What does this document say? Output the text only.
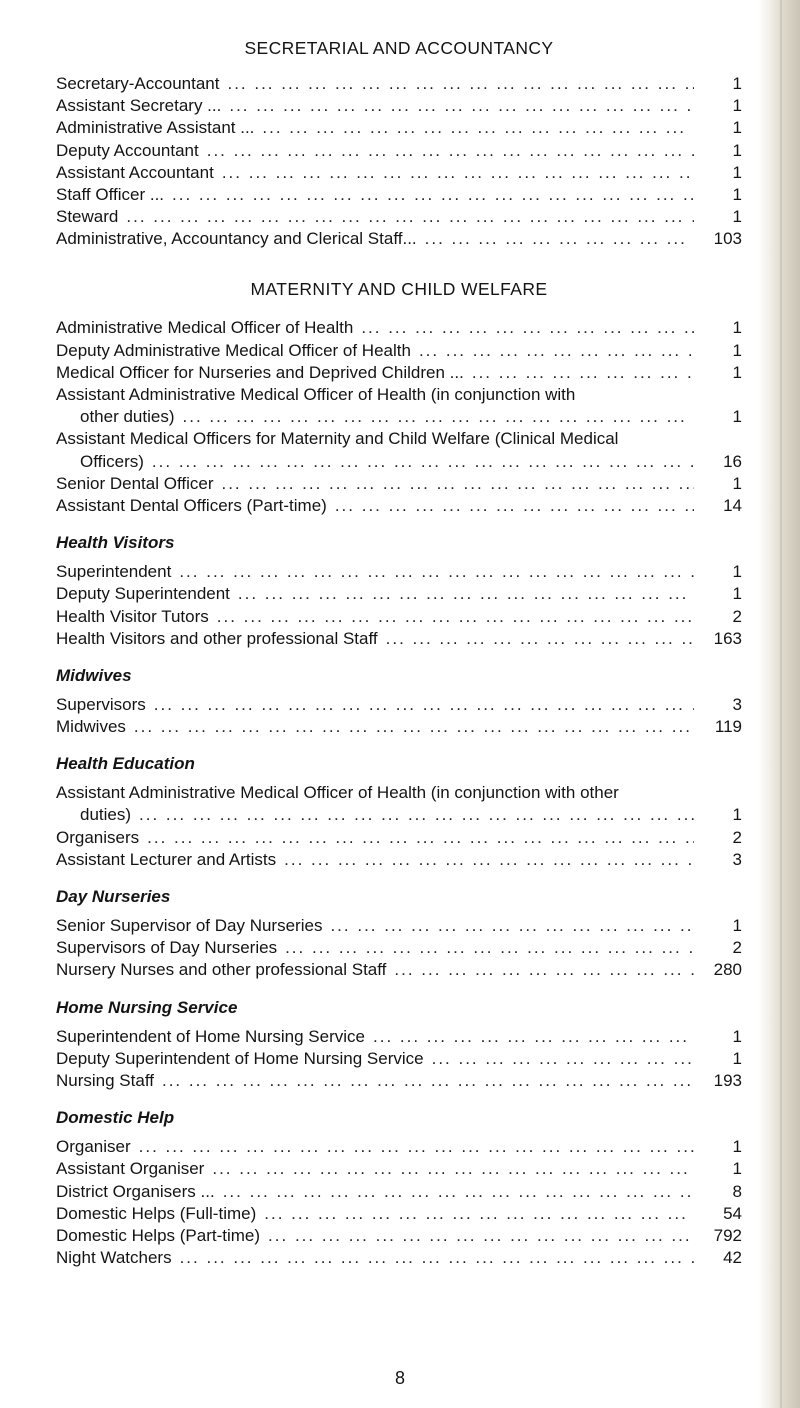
SECRETARIAL AND ACCOUNTANCY
Secretary-Accountant ... .	1
Assistant Secretary ... ... .	1
Administrative Assistant ... ... .	1
Deputy Accountant ... .	1
Assistant Accountant ... .	1
Staff Officer ... ... .	1
Steward ... .	1
Administrative, Accountancy and Clerical Staff... ... .	103
MATERNITY AND CHILD WELFARE
Administrative Medical Officer of Health ... .	1
Deputy Administrative Medical Officer of Health ... .	1
Medical Officer for Nurseries and Deprived Children ... ... .	1
Assistant Administrative Medical Officer of Health (in conjunction with
other duties) ... .	1
Assistant Medical Officers for Maternity and Child Welfare (Clinical Medical
Officers) ... .	16
Senior Dental Officer ... .	1
Assistant Dental Officers (Part-time) ... .	14
Health Visitors
Superintendent ... .	1
Deputy Superintendent ... .	1
Health Visitor Tutors ... .	2
Health Visitors and other professional Staff ... .	163
Midwives
Supervisors ... .	3
Midwives ... .	119
Health Education
Assistant Administrative Medical Officer of Health (in conjunction with other
duties) ... .	1
Organisers ... .	2
Assistant Lecturer and Artists ... .	3
Day Nurseries
Senior Supervisor of Day Nurseries ... .	1
Supervisors of Day Nurseries ... .	2
Nursery Nurses and other professional Staff ... .	280
Home Nursing Service
Superintendent of Home Nursing Service ... .	1
Deputy Superintendent of Home Nursing Service ... .	1
Nursing Staff ... .	193
Domestic Help
Organiser ... .	1
Assistant Organiser ... .	1
District Organisers ... ... .	8
Domestic Helps (Full-time) ... .	54
Domestic Helps (Part-time) ... .	792
Night Watchers ... .	42
8
